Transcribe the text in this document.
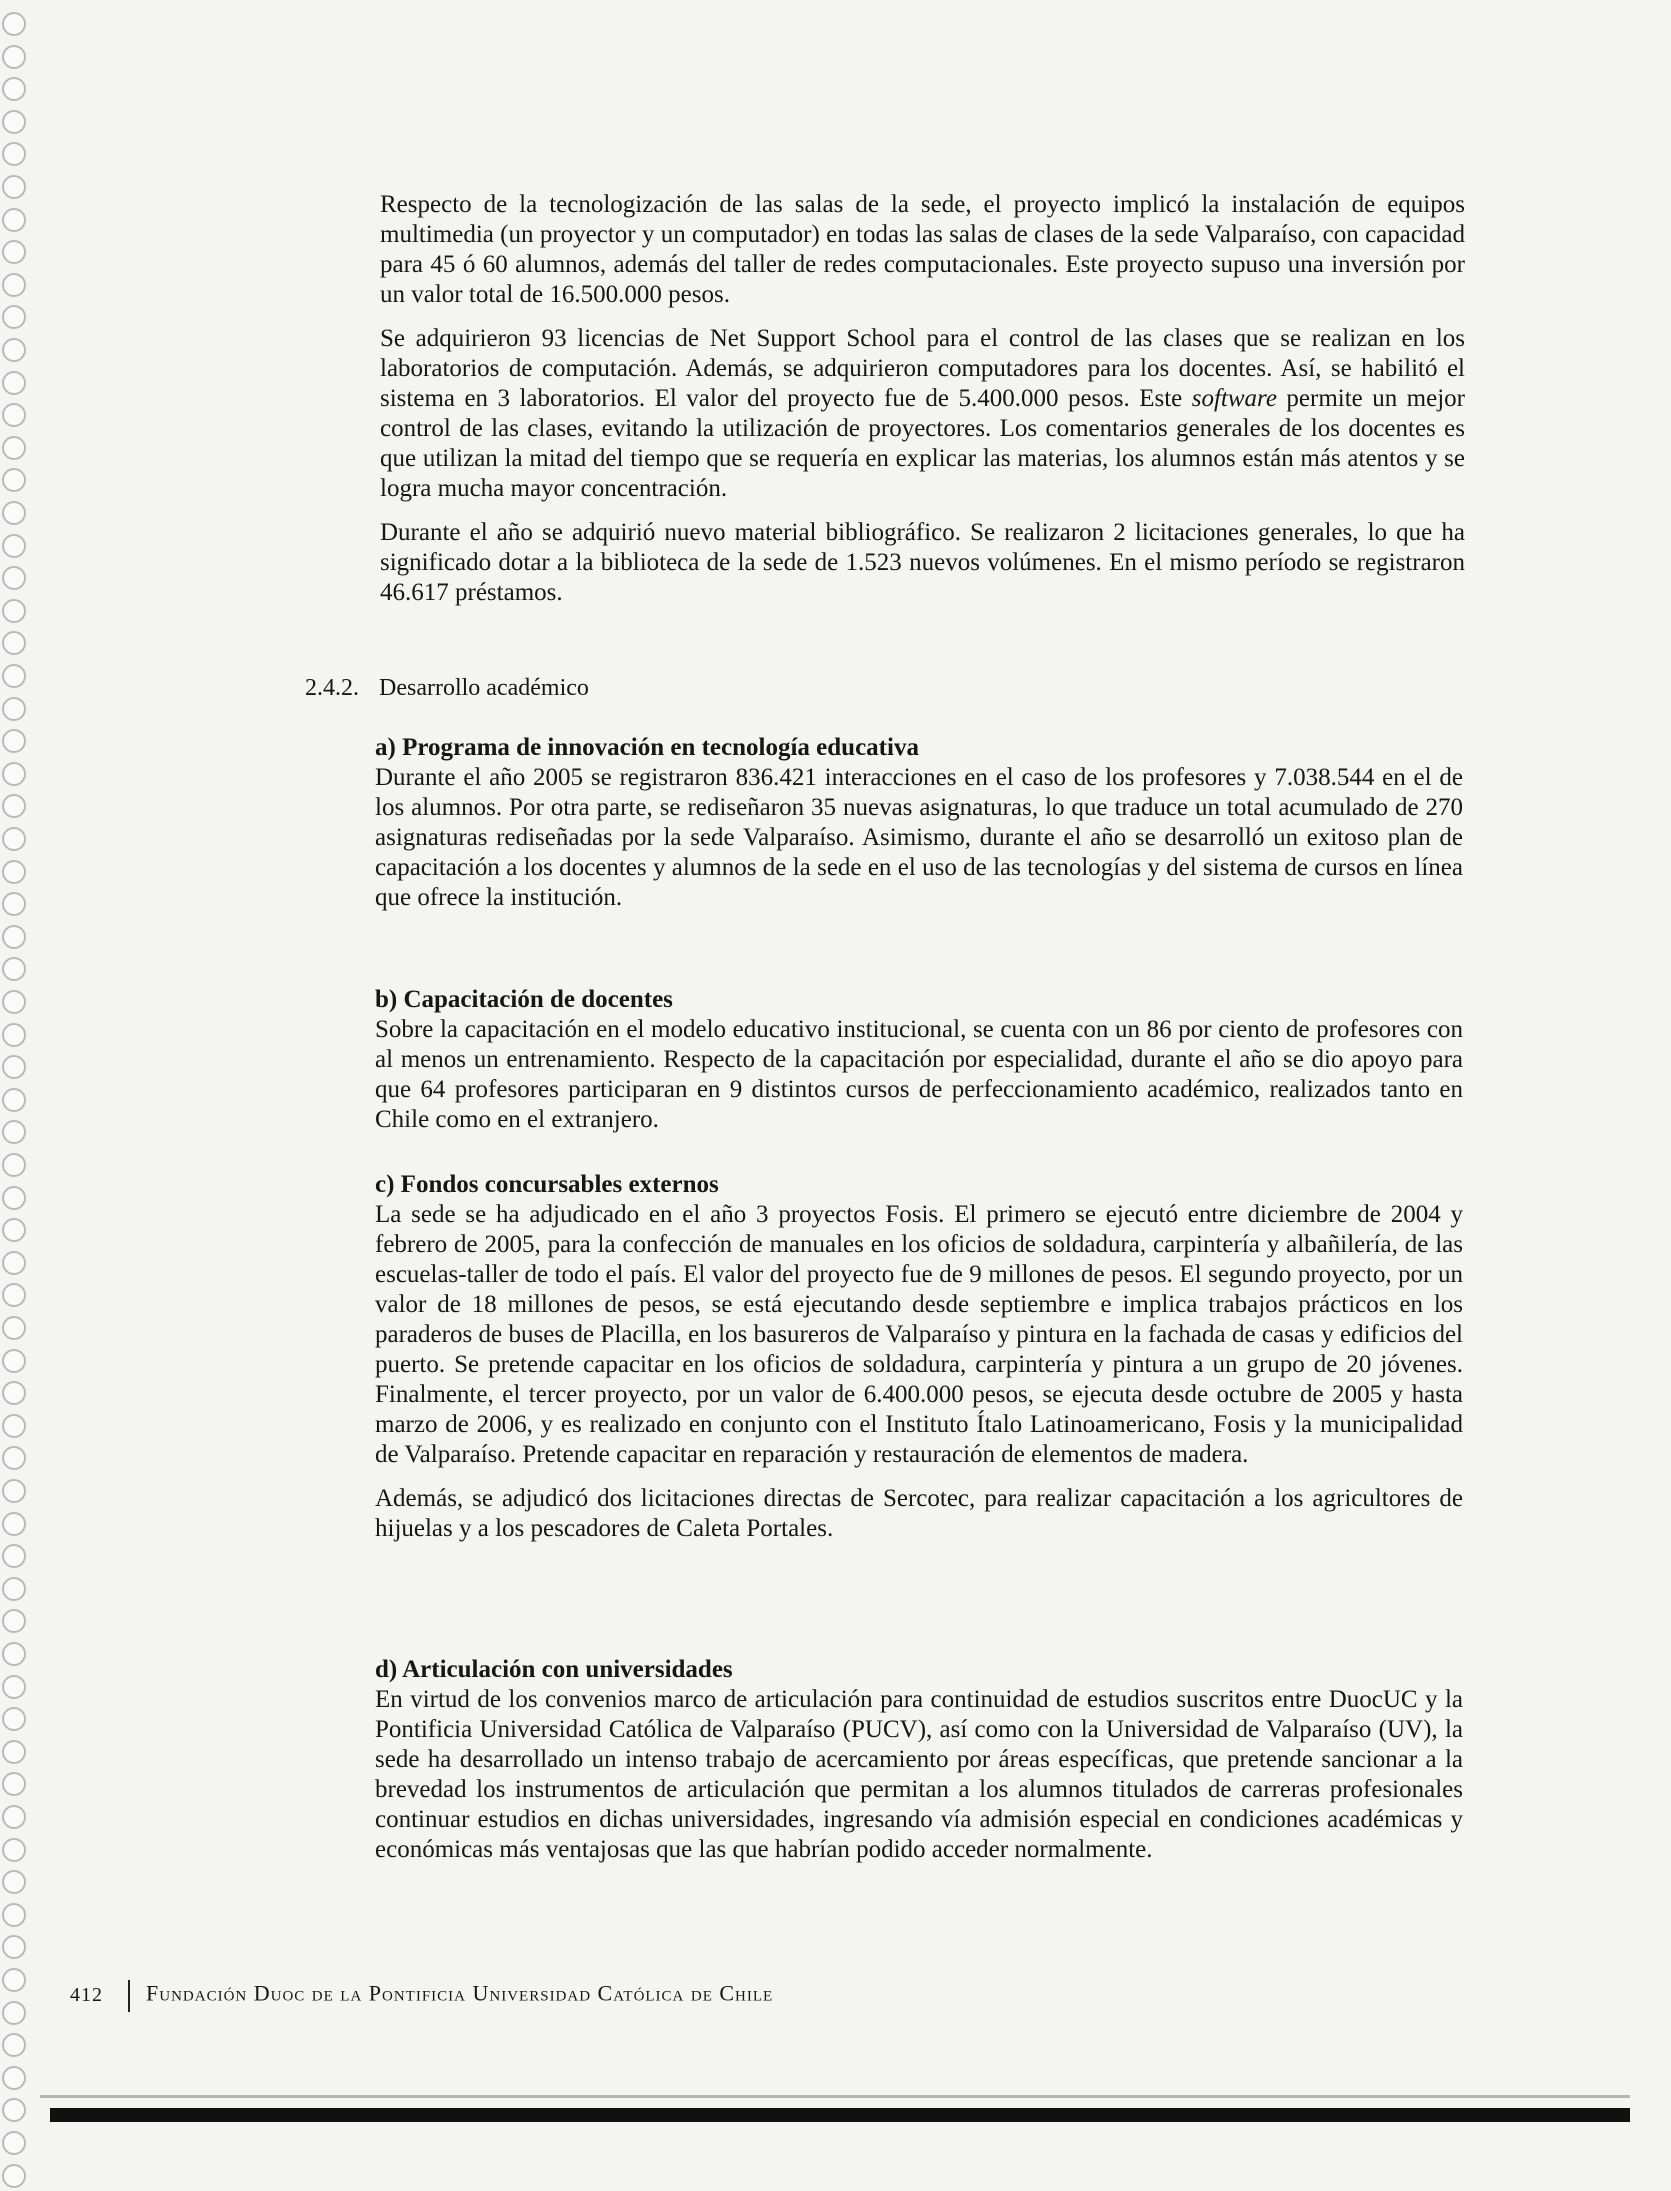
Respecto de la tecnologización de las salas de la sede, el proyecto implicó la instalación de equipos multimedia (un proyector y un computador) en todas las salas de clases de la sede Valparaíso, con capacidad para 45 ó 60 alumnos, además del taller de redes computacionales. Este proyecto supuso una inversión por un valor total de 16.500.000 pesos.

Se adquirieron 93 licencias de Net Support School para el control de las clases que se realizan en los laboratorios de computación. Además, se adquirieron computadores para los docentes. Así, se habilitó el sistema en 3 laboratorios. El valor del proyecto fue de 5.400.000 pesos. Este software permite un mejor control de las clases, evitando la utilización de proyectores. Los comentarios generales de los docentes es que utilizan la mitad del tiempo que se requería en explicar las materias, los alumnos están más atentos y se logra mucha mayor concentración.

Durante el año se adquirió nuevo material bibliográfico. Se realizaron 2 licitaciones generales, lo que ha significado dotar a la biblioteca de la sede de 1.523 nuevos volúmenes. En el mismo período se registraron 46.617 préstamos.

2.4.2. Desarrollo académico
a) Programa de innovación en tecnología educativa

Durante el año 2005 se registraron 836.421 interacciones en el caso de los profesores y 7.038.544 en el de los alumnos. Por otra parte, se rediseñaron 35 nuevas asignaturas, lo que traduce un total acumulado de 270 asignaturas rediseñadas por la sede Valparaíso. Asimismo, durante el año se desarrolló un exitoso plan de capacitación a los docentes y alumnos de la sede en el uso de las tecnologías y del sistema de cursos en línea que ofrece la institución.

b) Capacitación de docentes

Sobre la capacitación en el modelo educativo institucional, se cuenta con un 86 por ciento de profesores con al menos un entrenamiento. Respecto de la capacitación por especialidad, durante el año se dio apoyo para que 64 profesores participaran en 9 distintos cursos de perfeccionamiento académico, realizados tanto en Chile como en el extranjero.

c) Fondos concursables externos

La sede se ha adjudicado en el año 3 proyectos Fosis. El primero se ejecutó entre diciembre de 2004 y febrero de 2005, para la confección de manuales en los oficios de soldadura, carpintería y albañilería, de las escuelas-taller de todo el país. El valor del proyecto fue de 9 millones de pesos. El segundo proyecto, por un valor de 18 millones de pesos, se está ejecutando desde septiembre e implica trabajos prácticos en los paraderos de buses de Placilla, en los basureros de Valparaíso y pintura en la fachada de casas y edificios del puerto. Se pretende capacitar en los oficios de soldadura, carpintería y pintura a un grupo de 20 jóvenes. Finalmente, el tercer proyecto, por un valor de 6.400.000 pesos, se ejecuta desde octubre de 2005 y hasta marzo de 2006, y es realizado en conjunto con el Instituto Ítalo Latinoamericano, Fosis y la municipalidad de Valparaíso. Pretende capacitar en reparación y restauración de elementos de madera.

Además, se adjudicó dos licitaciones directas de Sercotec, para realizar capacitación a los agricultores de hijuelas y a los pescadores de Caleta Portales.

d) Articulación con universidades

En virtud de los convenios marco de articulación para continuidad de estudios suscritos entre DuocUC y la Pontificia Universidad Católica de Valparaíso (PUCV), así como con la Universidad de Valparaíso (UV), la sede ha desarrollado un intenso trabajo de acercamiento por áreas específicas, que pretende sancionar a la brevedad los instrumentos de articulación que permitan a los alumnos titulados de carreras profesionales continuar estudios en dichas universidades, ingresando vía admisión especial en condiciones académicas y económicas más ventajosas que las que habrían podido acceder normalmente.

412 Fundación Duoc de la Pontificia Universidad Católica de Chile
